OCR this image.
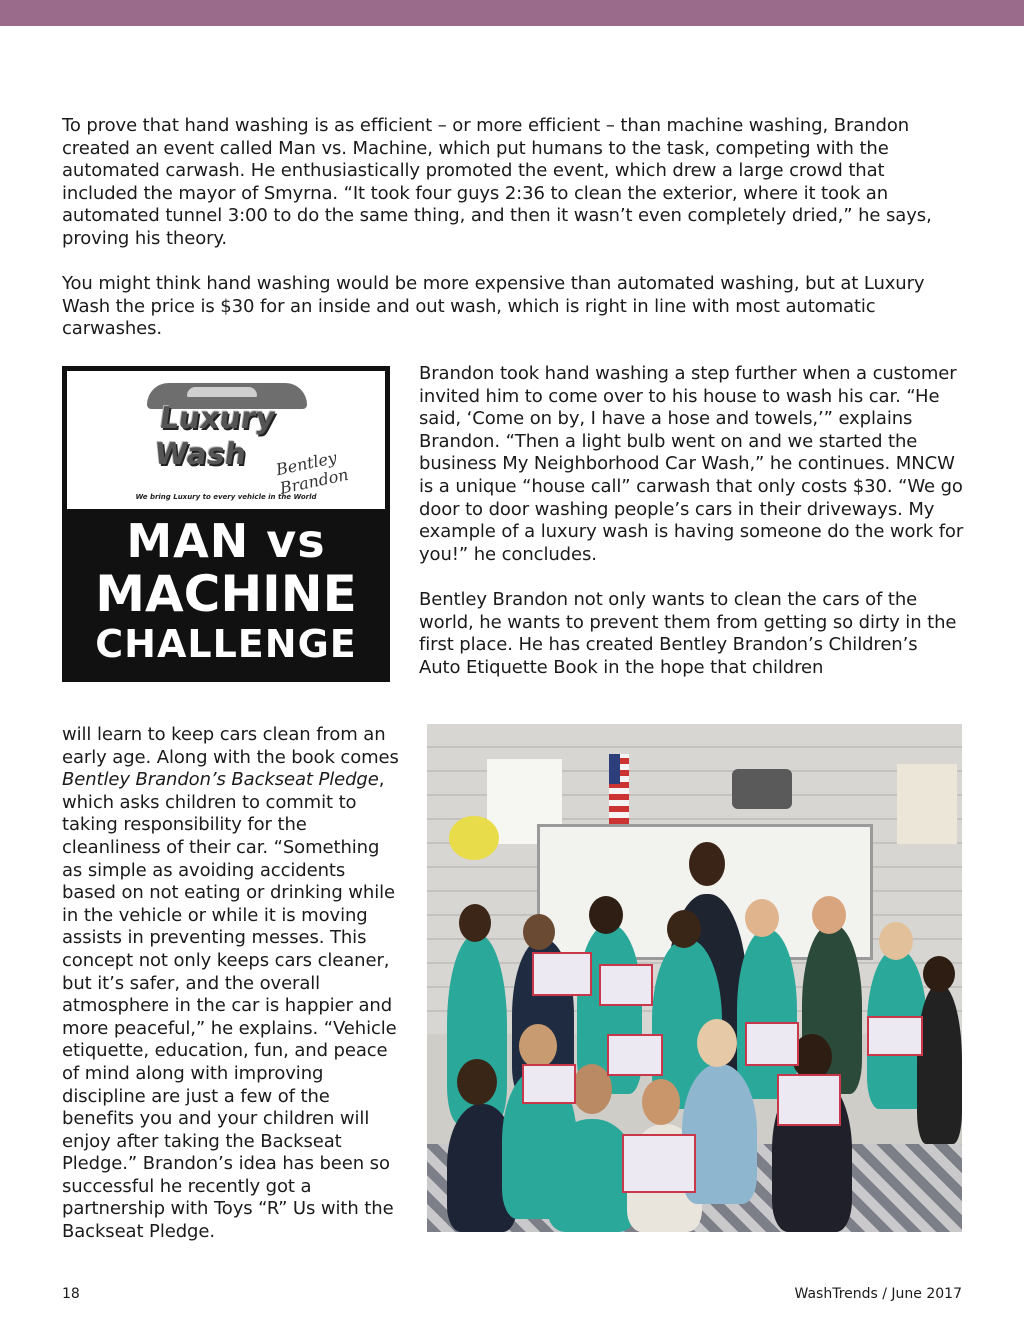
To prove that hand washing is as efficient – or more efficient – than machine washing, Brandon created an event called Man vs. Machine, which put humans to the task, competing with the automated carwash. He enthusiastically promoted the event, which drew a large crowd that included the mayor of Smyrna. “It took four guys 2:36 to clean the exterior, where it took an automated tunnel 3:00 to do the same thing, and then it wasn’t even completely dried,” he says, proving his theory.

You might think hand washing would be more expensive than automated washing, but at Luxury Wash the price is $30 for an inside and out wash, which is right in line with most automatic carwashes.

Luxury
Wash	Bentley Brandon
We bring Luxury to every vehicle in the World
MAN vs
MACHINE
CHALLENGE

Brandon took hand washing a step further when a customer invited him to come over to his house to wash his car. “He said, ‘Come on by, I have a hose and towels,’” explains Brandon. “Then a light bulb went on and we started the business My Neighborhood Car Wash,” he continues. MNCW is a unique “house call” carwash that only costs $30. “We go door to door washing people’s cars in their driveways. My example of a luxury wash is having someone do the work for you!” he concludes.

Bentley Brandon not only wants to clean the cars of the world, he wants to prevent them from getting so dirty in the first place. He has created Bentley Brandon’s Children’s Auto Etiquette Book in the hope that children

will learn to keep cars clean from an early age. Along with the book comes Bentley Brandon’s Backseat Pledge, which asks children to commit to taking responsibility for the cleanliness of their car. “Something as simple as avoiding accidents based on not eating or drinking while in the vehicle or while it is moving assists in preventing messes. This concept not only keeps cars cleaner, but it’s safer, and the overall atmosphere in the car is happier and more peaceful,” he explains. “Vehicle etiquette, education, fun, and peace of mind along with improving discipline are just a few of the benefits you and your children will enjoy after taking the Backseat Pledge.” Brandon’s idea has been so successful he recently got a partnership with Toys “R” Us with the Backseat Pledge.

18	WashTrends / June 2017
